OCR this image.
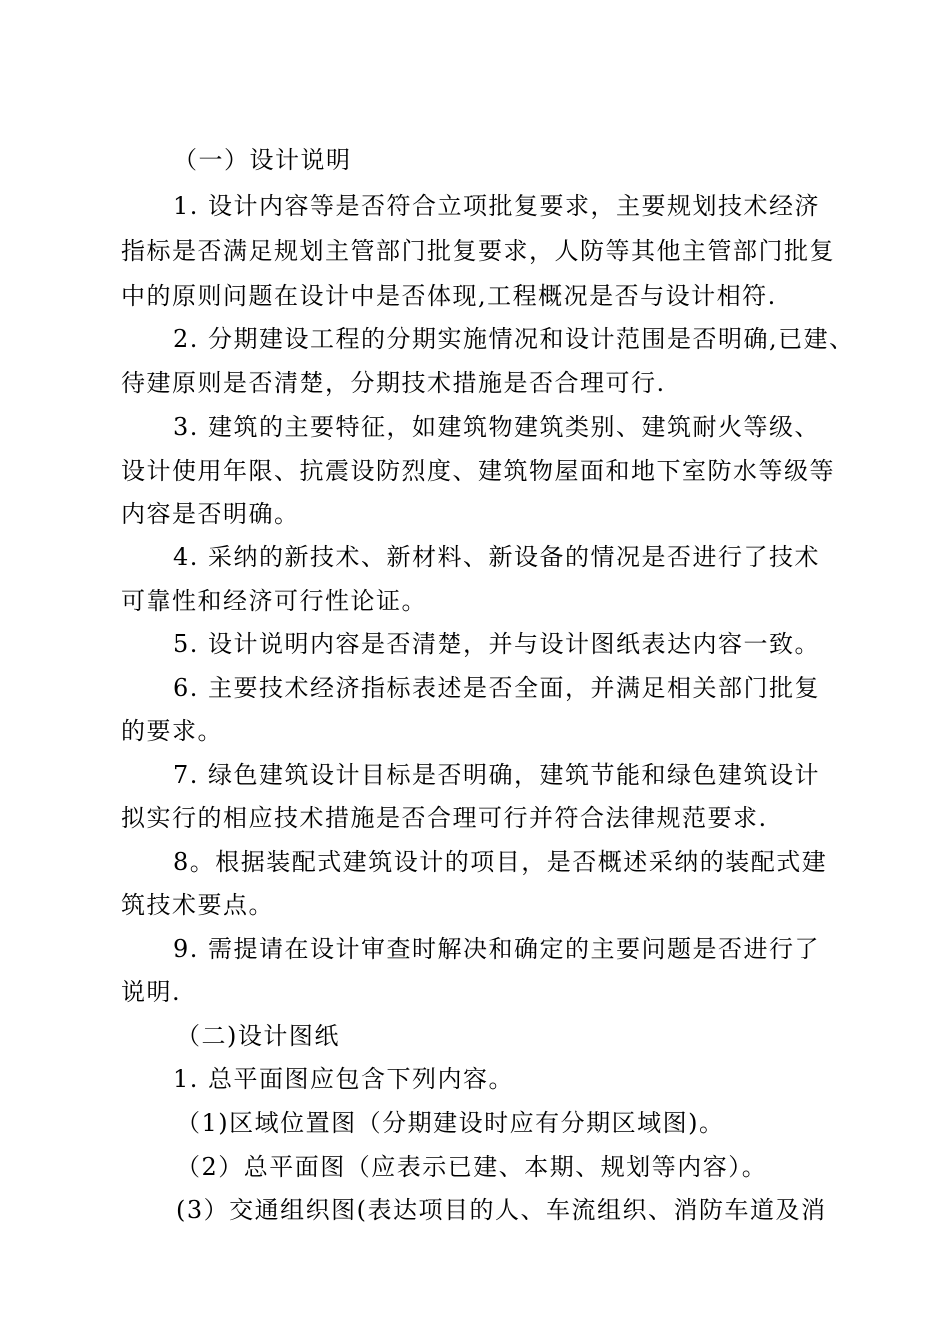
（一）设计说明
1. 设计内容等是否符合立项批复要求，主要规划技术经济
指标是否满足规划主管部门批复要求，人防等其他主管部门批复
中的原则问题在设计中是否体现,工程概况是否与设计相符.
2. 分期建设工程的分期实施情况和设计范围是否明确,已建、
待建原则是否清楚，分期技术措施是否合理可行.
3. 建筑的主要特征，如建筑物建筑类别、建筑耐火等级、
设计使用年限、抗震设防烈度、建筑物屋面和地下室防水等级等
内容是否明确。
4. 采纳的新技术、新材料、新设备的情况是否进行了技术
可靠性和经济可行性论证。
5. 设计说明内容是否清楚，并与设计图纸表达内容一致。
6. 主要技术经济指标表述是否全面，并满足相关部门批复
的要求。
7. 绿色建筑设计目标是否明确，建筑节能和绿色建筑设计
拟实行的相应技术措施是否合理可行并符合法律规范要求.
8。根据装配式建筑设计的项目，是否概述采纳的装配式建
筑技术要点。
9. 需提请在设计审查时解决和确定的主要问题是否进行了
说明.
（二)设计图纸
1. 总平面图应包含下列内容。
（1)区域位置图（分期建设时应有分期区域图)。
（2）总平面图（应表示已建、本期、规划等内容）。
(3）交通组织图(表达项目的人、车流组织、消防车道及消
